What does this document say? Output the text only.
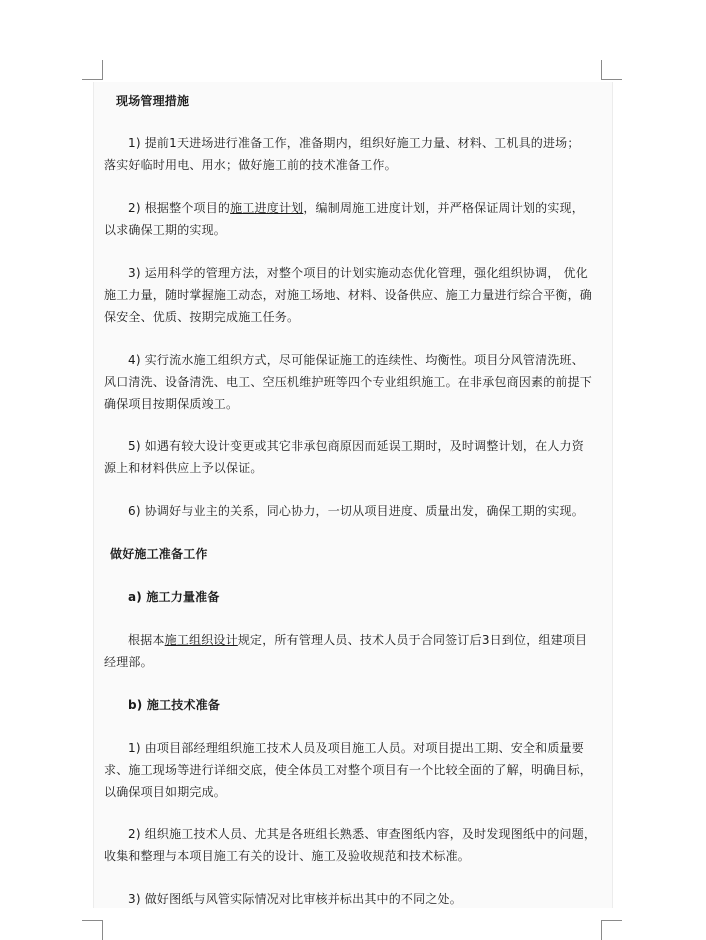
现场管理措施
1) 提前1天进场进行准备工作，准备期内，组织好施工力量、材料、工机具的进场；
落实好临时用电、用水；做好施工前的技术准备工作。
2) 根据整个项目的施工进度计划，编制周施工进度计划，并严格保证周计划的实现，
以求确保工期的实现。
3) 运用科学的管理方法，对整个项目的计划实施动态优化管理，强化组织协调， 优化
施工力量，随时掌握施工动态，对施工场地、材料、设备供应、施工力量进行综合平衡，确
保安全、优质、按期完成施工任务。
4) 实行流水施工组织方式，尽可能保证施工的连续性、均衡性。项目分风管清洗班、
风口清洗、设备清洗、电工、空压机维护班等四个专业组织施工。在非承包商因素的前提下
确保项目按期保质竣工。
5) 如遇有较大设计变更或其它非承包商原因而延误工期时，及时调整计划，在人力资
源上和材料供应上予以保证。
6) 协调好与业主的关系，同心协力，一切从项目进度、质量出发，确保工期的实现。
做好施工准备工作
a) 施工力量准备
根据本施工组织设计规定，所有管理人员、技术人员于合同签订后3日到位，组建项目
经理部。
b) 施工技术准备
1) 由项目部经理组织施工技术人员及项目施工人员。对项目提出工期、安全和质量要
求、施工现场等进行详细交底，使全体员工对整个项目有一个比较全面的了解，明确目标，
以确保项目如期完成。
2) 组织施工技术人员、尤其是各班组长熟悉、审查图纸内容，及时发现图纸中的问题，
收集和整理与本项目施工有关的设计、施工及验收规范和技术标准。
3) 做好图纸与风管实际情况对比审核并标出其中的不同之处。
